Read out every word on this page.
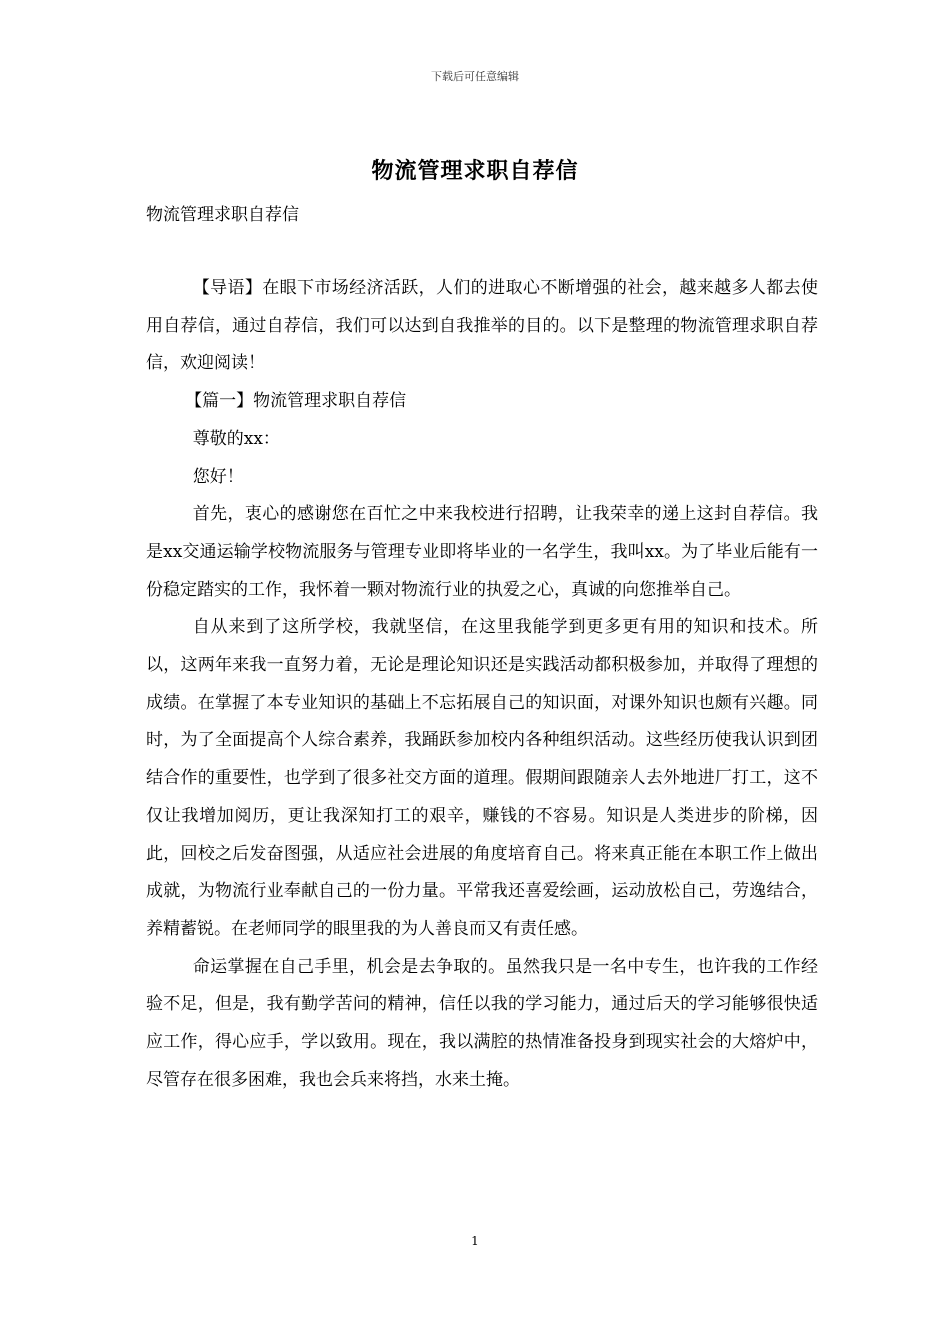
下载后可任意编辑
物流管理求职自荐信
物流管理求职自荐信

【导语】在眼下市场经济活跃，人们的进取心不断增强的社会，越来越多人都去使用自荐信，通过自荐信，我们可以达到自我推举的目的。以下是整理的物流管理求职自荐信，欢迎阅读！

【篇一】物流管理求职自荐信

尊敬的xx：

您好！

首先，衷心的感谢您在百忙之中来我校进行招聘，让我荣幸的递上这封自荐信。我是xx交通运输学校物流服务与管理专业即将毕业的一名学生，我叫xx。为了毕业后能有一份稳定踏实的工作，我怀着一颗对物流行业的执爱之心，真诚的向您推举自己。

自从来到了这所学校，我就坚信，在这里我能学到更多更有用的知识和技术。所以，这两年来我一直努力着，无论是理论知识还是实践活动都积极参加，并取得了理想的成绩。在掌握了本专业知识的基础上不忘拓展自己的知识面，对课外知识也颇有兴趣。同时，为了全面提高个人综合素养，我踊跃参加校内各种组织活动。这些经历使我认识到团结合作的重要性，也学到了很多社交方面的道理。假期间跟随亲人去外地进厂打工，这不仅让我增加阅历，更让我深知打工的艰辛，赚钱的不容易。知识是人类进步的阶梯，因此，回校之后发奋图强，从适应社会进展的角度培育自己。将来真正能在本职工作上做出成就，为物流行业奉献自己的一份力量。平常我还喜爱绘画，运动放松自己，劳逸结合，养精蓄锐。在老师同学的眼里我的为人善良而又有责任感。

命运掌握在自己手里，机会是去争取的。虽然我只是一名中专生，也许我的工作经验不足，但是，我有勤学苦问的精神，信任以我的学习能力，通过后天的学习能够很快适应工作，得心应手，学以致用。现在，我以满腔的热情准备投身到现实社会的大熔炉中，尽管存在很多困难，我也会兵来将挡，水来土掩。

1
